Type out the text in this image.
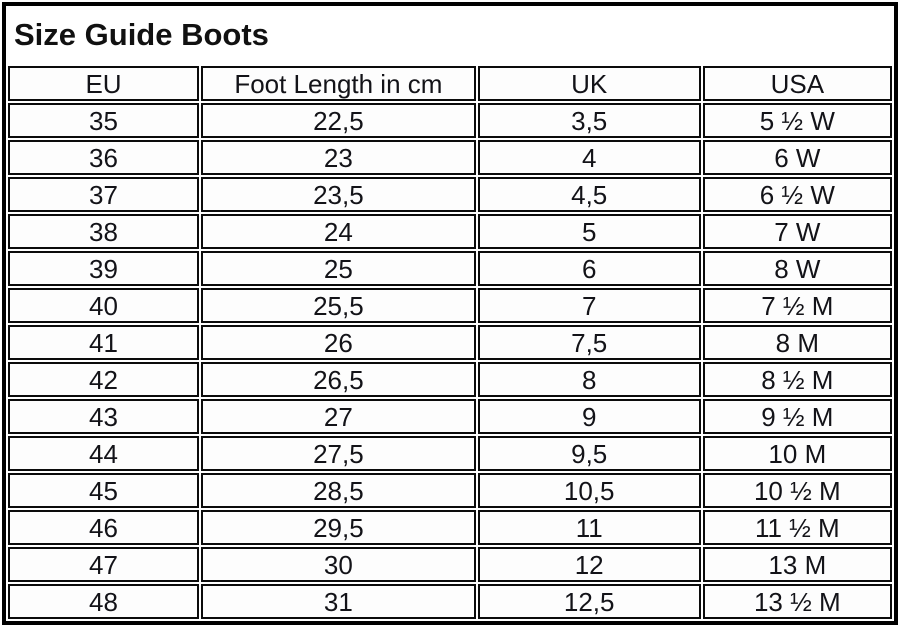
Size Guide Boots
EU	Foot Length in cm	UK	USA
35	22,5	3,5	5 ½ W
36	23	4	6 W
37	23,5	4,5	6 ½ W
38	24	5	7 W
39	25	6	8 W
40	25,5	7	7 ½ M
41	26	7,5	8 M
42	26,5	8	8 ½ M
43	27	9	9 ½ M
44	27,5	9,5	10 M
45	28,5	10,5	10 ½ M
46	29,5	11	11 ½ M
47	30	12	13 M
48	31	12,5	13 ½ M
